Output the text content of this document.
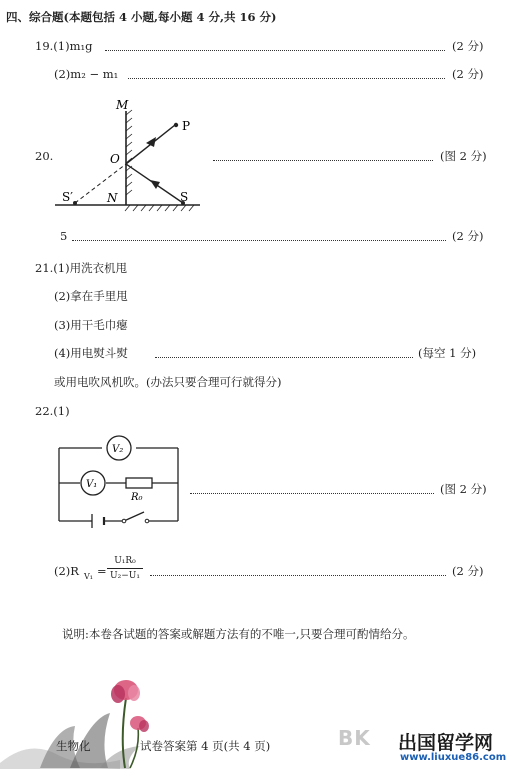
四、综合题(本题包括 4 小题,每小题 4 分,共 16 分)
19.(1)m₁g	(2 分)
(2)m₂ − m₁	(2 分)
20.
M
O
P
S′	N	S
(图 2 分)
5	(2 分)
21.(1)用洗衣机甩
(2)拿在手里甩
(3)用干毛巾瘪
(4)用电熨斗熨	(每空 1 分)
或用电吹风机吹。(办法只要合理可行就得分)
22.(1)
V₂
V₁
R₀
(图 2 分)
(2)R V₁ =
U₁R₀
U₂−U₁	(2 分)
说明:本卷各试题的答案或解题方法有的不唯一,只要合理可酌情给分。
生物化	试卷答案第 4 页(共 4 页)	BK 出国留学网
www.liuxue86.com
